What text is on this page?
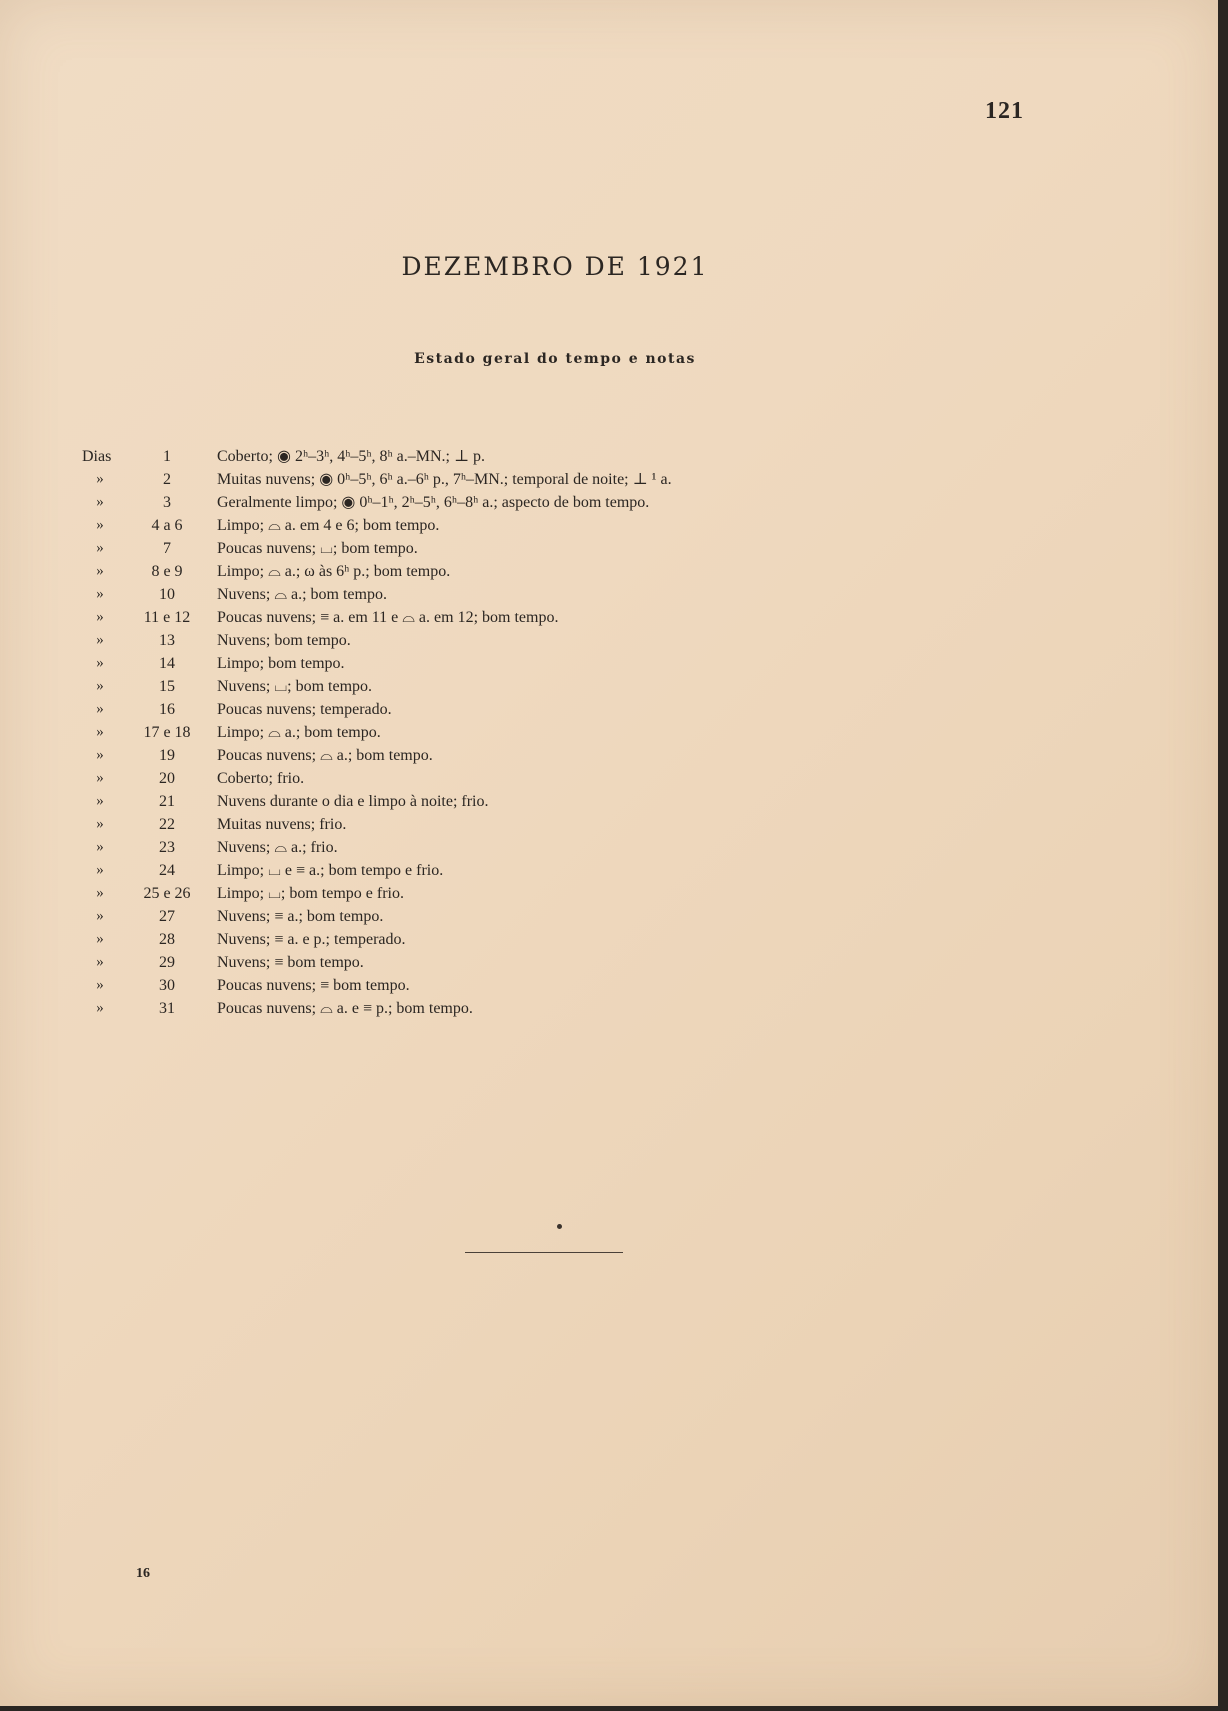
121
DEZEMBRO DE 1921
Estado geral do tempo e notas
Dias	1	Coberto; ◉ 2ʰ–3ʰ, 4ʰ–5ʰ, 8ʰ a.–MN.; ⊥ p.
»	2	Muitas nuvens; ◉ 0ʰ–5ʰ, 6ʰ a.–6ʰ p., 7ʰ–MN.; temporal de noite; ⊥ ¹ a.
»	3	Geralmente limpo; ◉ 0ʰ–1ʰ, 2ʰ–5ʰ, 6ʰ–8ʰ a.; aspecto de bom tempo.
»	4 a 6	Limpo; ⌓ a. em 4 e 6; bom tempo.
»	7	Poucas nuvens; ⌴; bom tempo.
»	8 e 9	Limpo; ⌓ a.; ω às 6ʰ p.; bom tempo.
»	10	Nuvens; ⌓ a.; bom tempo.
»	11 e 12	Poucas nuvens; ≡ a. em 11 e ⌓ a. em 12; bom tempo.
»	13	Nuvens; bom tempo.
»	14	Limpo; bom tempo.
»	15	Nuvens; ⌴; bom tempo.
»	16	Poucas nuvens; temperado.
»	17 e 18	Limpo; ⌓ a.; bom tempo.
»	19	Poucas nuvens; ⌓ a.; bom tempo.
»	20	Coberto; frio.
»	21	Nuvens durante o dia e limpo à noite; frio.
»	22	Muitas nuvens; frio.
»	23	Nuvens; ⌓ a.; frio.
»	24	Limpo; ⌴ e ≡ a.; bom tempo e frio.
»	25 e 26	Limpo; ⌴; bom tempo e frio.
»	27	Nuvens; ≡ a.; bom tempo.
»	28	Nuvens; ≡ a. e p.; temperado.
»	29	Nuvens; ≡ bom tempo.
»	30	Poucas nuvens; ≡ bom tempo.
»	31	Poucas nuvens; ⌓ a. e ≡ p.; bom tempo.
16
